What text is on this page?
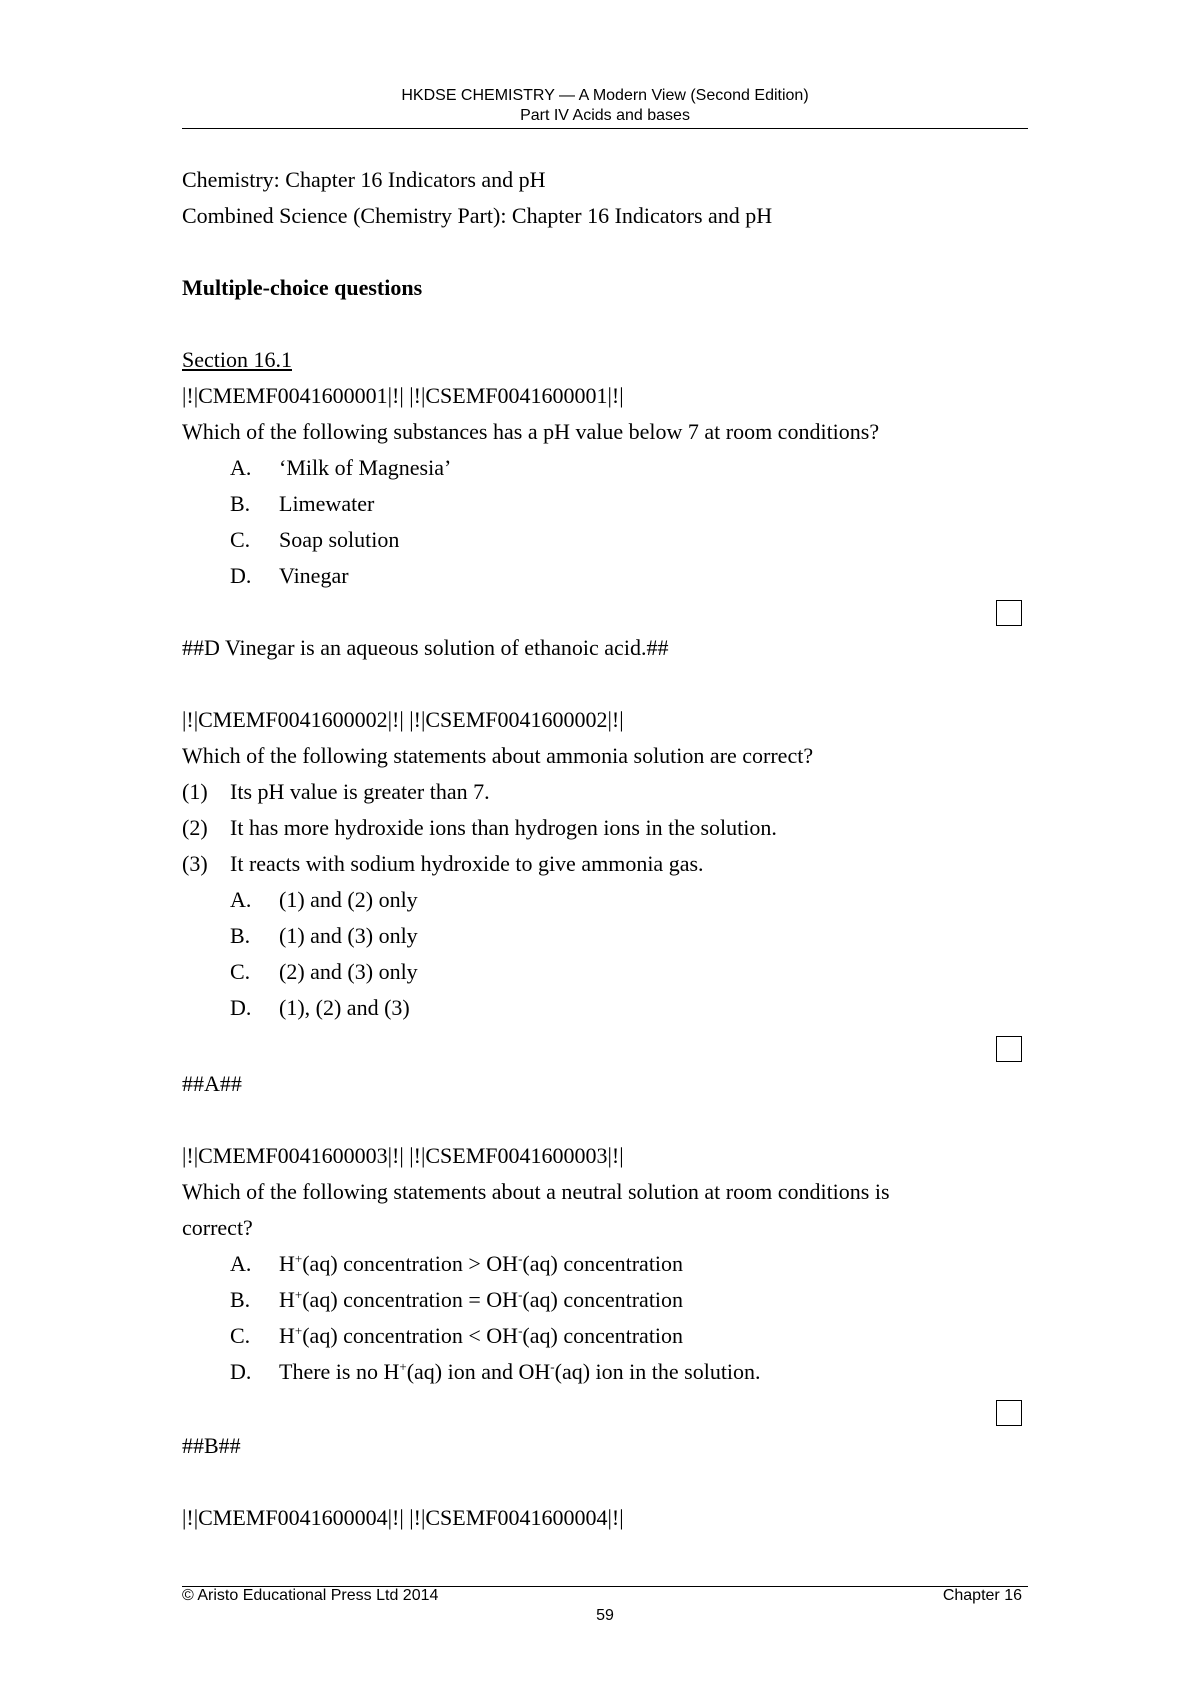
HKDSE CHEMISTRY — A Modern View (Second Edition)
Part IV Acids and bases
Chemistry: Chapter 16 Indicators and pH
Combined Science (Chemistry Part): Chapter 16 Indicators and pH
Multiple-choice questions
Section 16.1
|!|CMEMF0041600001|!| |!|CSEMF0041600001|!|
Which of the following substances has a pH value below 7 at room conditions?
A. ‘Milk of Magnesia’
B. Limewater
C. Soap solution
D. Vinegar
##D Vinegar is an aqueous solution of ethanoic acid.##
|!|CMEMF0041600002|!| |!|CSEMF0041600002|!|
Which of the following statements about ammonia solution are correct?
(1) Its pH value is greater than 7.
(2) It has more hydroxide ions than hydrogen ions in the solution.
(3) It reacts with sodium hydroxide to give ammonia gas.
A. (1) and (2) only
B. (1) and (3) only
C. (2) and (3) only
D. (1), (2) and (3)
##A##
|!|CMEMF0041600003|!| |!|CSEMF0041600003|!|
Which of the following statements about a neutral solution at room conditions is
correct?
A. H+(aq) concentration > OH-(aq) concentration
B. H+(aq) concentration = OH-(aq) concentration
C. H+(aq) concentration < OH-(aq) concentration
D. There is no H+(aq) ion and OH-(aq) ion in the solution.
##B##
|!|CMEMF0041600004|!| |!|CSEMF0041600004|!|
© Aristo Educational Press Ltd 2014	Chapter 16
59
